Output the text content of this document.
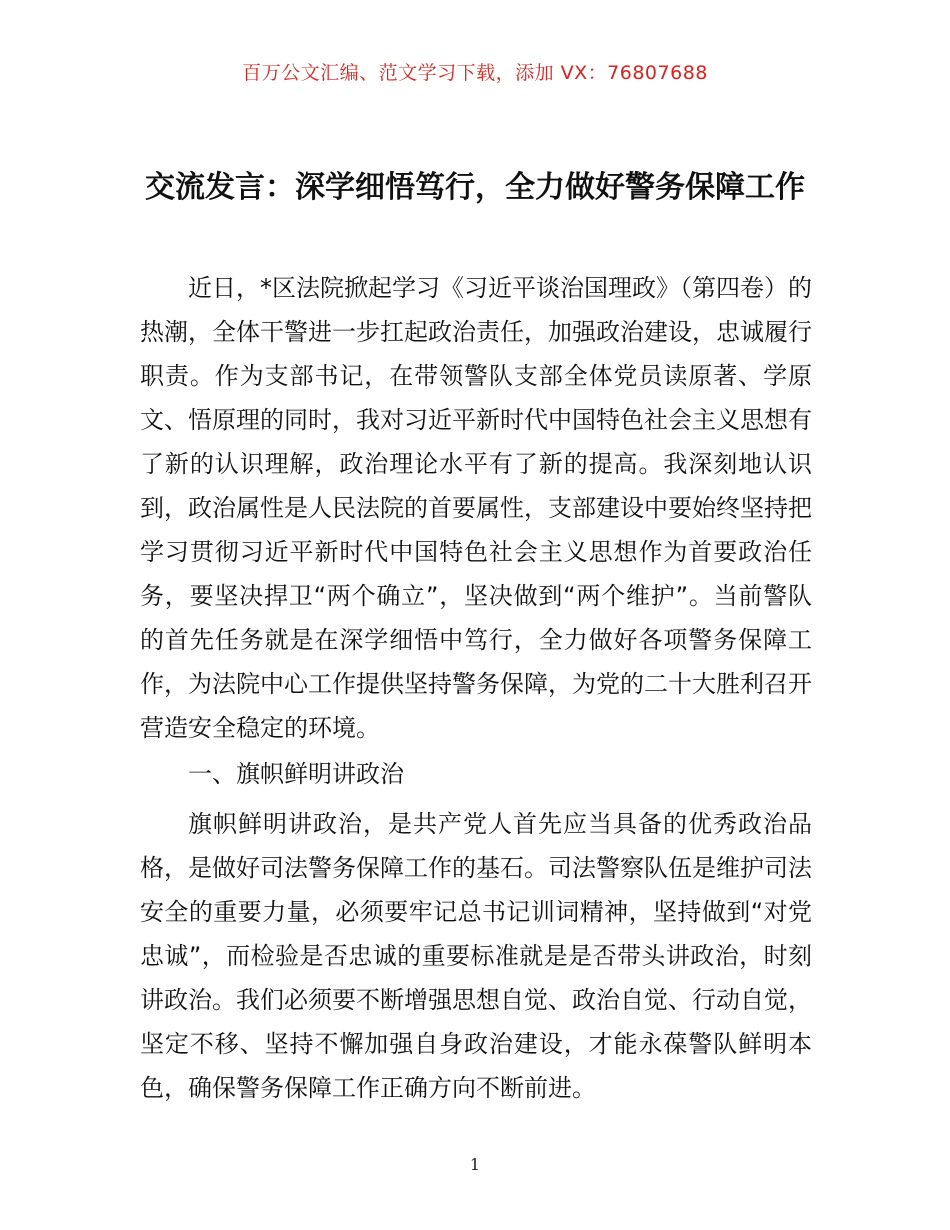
百万公文汇编、范文学习下载，添加 VX：76807688
交流发言：深学细悟笃行，全力做好警务保障工作

近日，*区法院掀起学习《习近平谈治国理政》（第四卷）的热潮，全体干警进一步扛起政治责任，加强政治建设，忠诚履行职责。作为支部书记，在带领警队支部全体党员读原著、学原文、悟原理的同时，我对习近平新时代中国特色社会主义思想有了新的认识理解，政治理论水平有了新的提高。我深刻地认识到，政治属性是人民法院的首要属性，支部建设中要始终坚持把学习贯彻习近平新时代中国特色社会主义思想作为首要政治任务，要坚决捍卫“两个确立”，坚决做到“两个维护”。当前警队的首先任务就是在深学细悟中笃行，全力做好各项警务保障工作，为法院中心工作提供坚持警务保障，为党的二十大胜利召开营造安全稳定的环境。

一、旗帜鲜明讲政治

旗帜鲜明讲政治，是共产党人首先应当具备的优秀政治品格，是做好司法警务保障工作的基石。司法警察队伍是维护司法安全的重要力量，必须要牢记总书记训词精神，坚持做到“对党忠诚”，而检验是否忠诚的重要标准就是是否带头讲政治，时刻讲政治。我们必须要不断增强思想自觉、政治自觉、行动自觉，坚定不移、坚持不懈加强自身政治建设，才能永葆警队鲜明本色，确保警务保障工作正确方向不断前进。

1
